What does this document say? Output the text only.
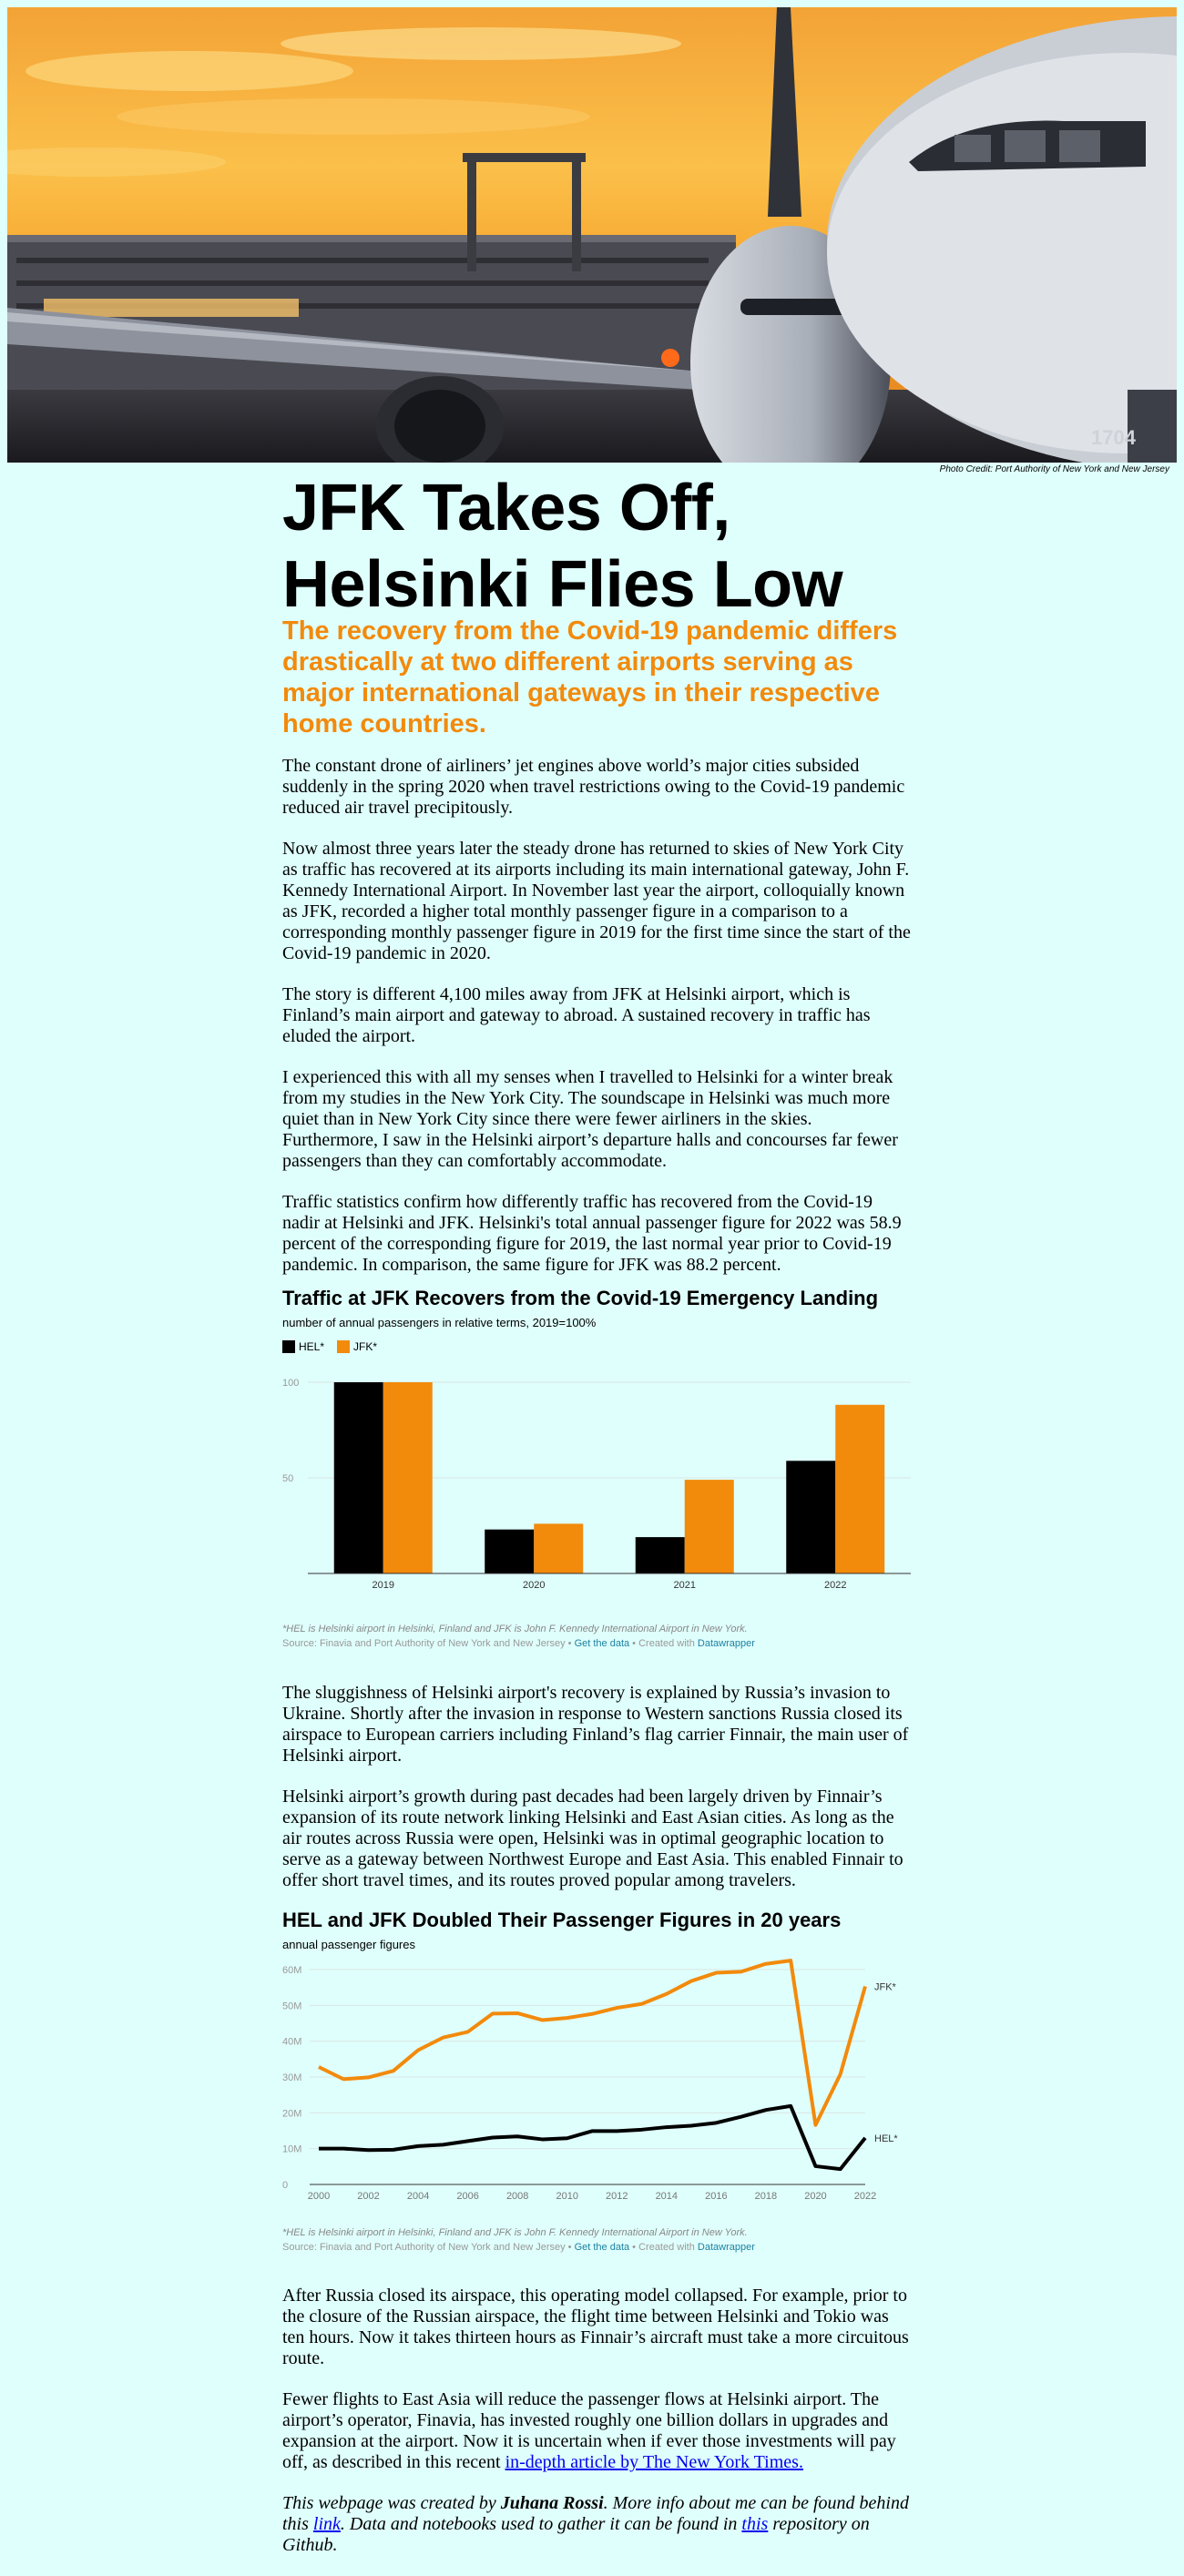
1704
Photo Credit: Port Authority of New York and New Jersey
JFK Takes Off,
Helsinki Flies Low
The recovery from the Covid-19 pandemic differs drastically at two different airports serving as major international gateways in their respective home countries.

The constant drone of airliners’ jet engines above world’s major cities subsided suddenly in the spring 2020 when travel restrictions owing to the Covid-19 pandemic reduced air travel precipitously.

Now almost three years later the steady drone has returned to skies of New York City as traffic has recovered at its airports including its main international gateway, John F. Kennedy International Airport. In November last year the airport, colloquially known as JFK, recorded a higher total monthly passenger figure in a comparison to a corresponding monthly passenger figure in 2019 for the first time since the start of the Covid-19 pandemic in 2020.

The story is different 4,100 miles away from JFK at Helsinki airport, which is Finland’s main airport and gateway to abroad. A sustained recovery in traffic has eluded the airport.

I experienced this with all my senses when I travelled to Helsinki for a winter break from my studies in the New York City. The soundscape in Helsinki was much more quiet than in New York City since there were fewer airliners in the skies. Furthermore, I saw in the Helsinki airport’s departure halls and concourses far fewer passengers than they can comfortably accommodate.

Traffic statistics confirm how differently traffic has recovered from the Covid-19 nadir at Helsinki and JFK. Helsinki's total annual passenger figure for 2022 was 58.9 percent of the corresponding figure for 2019, the last normal year prior to Covid-19 pandemic. In comparison, the same figure for JFK was 88.2 percent.

Traffic at JFK Recovers from the Covid-19 Emergency Landing

number of annual passengers in relative terms, 2019=100%

HEL*	JFK*
100
50
2019	2020	2021	2022

*HEL is Helsinki airport in Helsinki, Finland and JFK is John F. Kennedy International Airport in New York.

Source: Finavia and Port Authority of New York and New Jersey • Get the data • Created with Datawrapper

The sluggishness of Helsinki airport's recovery is explained by Russia’s invasion to Ukraine. Shortly after the invasion in response to Western sanctions Russia closed its airspace to European carriers including Finland’s flag carrier Finnair, the main user of Helsinki airport.

Helsinki airport’s growth during past decades had been largely driven by Finnair’s expansion of its route network linking Helsinki and East Asian cities. As long as the air routes across Russia were open, Helsinki was in optimal geographic location to serve as a gateway between Northwest Europe and East Asia. This enabled Finnair to offer short travel times, and its routes proved popular among travelers.

HEL and JFK Doubled Their Passenger Figures in 20 years

annual passenger figures

0
10M
20M
30M
40M
50M
60M
2000	2002	2004	2006	2008	2010	2012	2014	2016	2018	2020	2022
JFK*
HEL*

*HEL is Helsinki airport in Helsinki, Finland and JFK is John F. Kennedy International Airport in New York.

Source: Finavia and Port Authority of New York and New Jersey • Get the data • Created with Datawrapper

After Russia closed its airspace, this operating model collapsed. For example, prior to the closure of the Russian airspace, the flight time between Helsinki and Tokio was ten hours. Now it takes thirteen hours as Finnair’s aircraft must take a more circuitous route.

Fewer flights to East Asia will reduce the passenger flows at Helsinki airport. The airport’s operator, Finavia, has invested roughly one billion dollars in upgrades and expansion at the airport. Now it is uncertain when if ever those investments will pay off, as described in this recent in-depth article by The New York Times.

This webpage was created by Juhana Rossi. More info about me can be found behind this link. Data and notebooks used to gather it can be found in this repository on Github.
